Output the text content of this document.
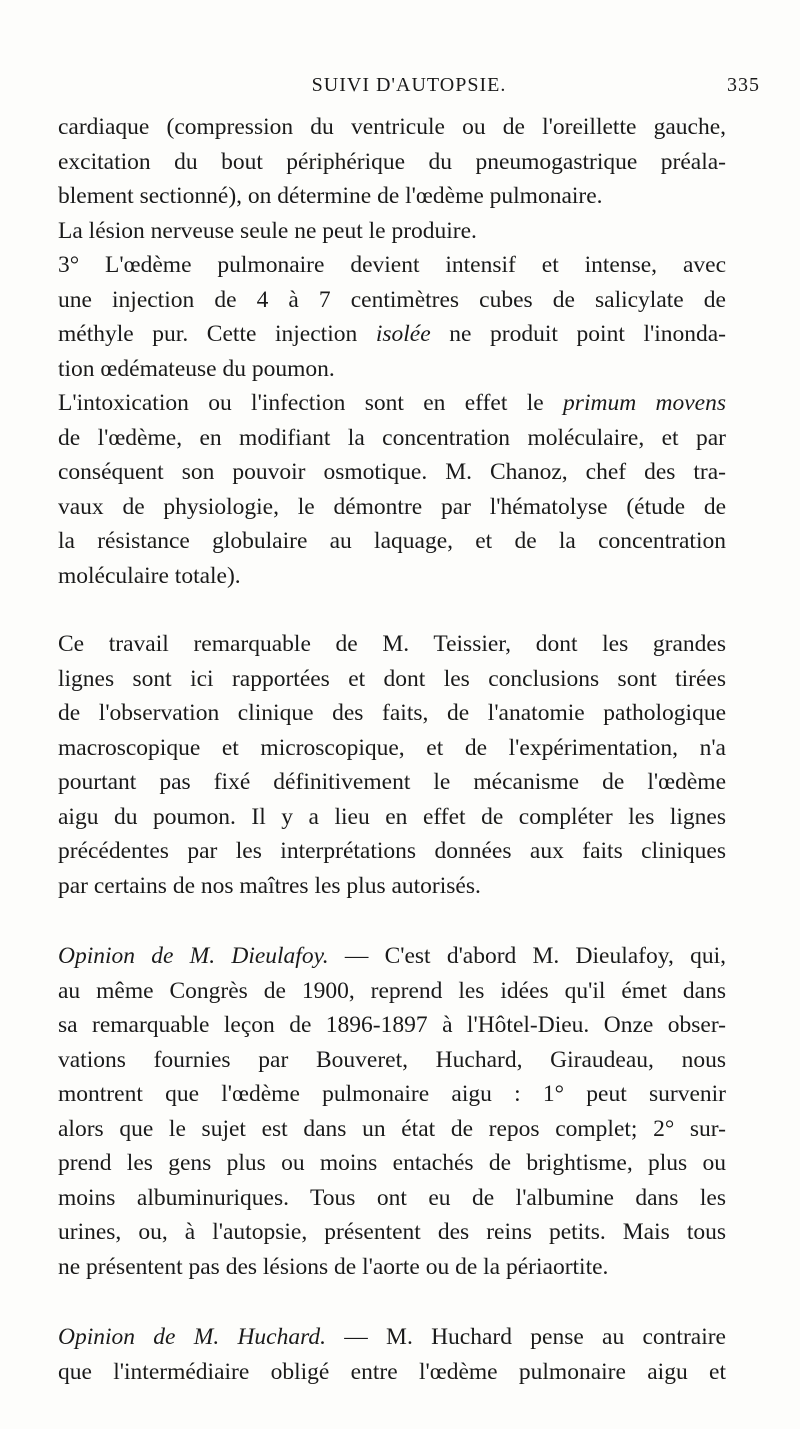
SUIVI D'AUTOPSIE.	335

cardiaque (compression du ventricule ou de l'oreillette gauche,
excitation du bout périphérique du pneumogastrique préala-
blement sectionné), on détermine de l'œdème pulmonaire.

La lésion nerveuse seule ne peut le produire.

3° L'œdème pulmonaire devient intensif et intense, avec
une injection de 4 à 7 centimètres cubes de salicylate de
méthyle pur. Cette injection isolée ne produit point l'inonda-
tion œdémateuse du poumon.

L'intoxication ou l'infection sont en effet le primum movens
de l'œdème, en modifiant la concentration moléculaire, et par
conséquent son pouvoir osmotique. M. Chanoz, chef des tra-
vaux de physiologie, le démontre par l'hématolyse (étude de
la résistance globulaire au laquage, et de la concentration
moléculaire totale).

Ce travail remarquable de M. Teissier, dont les grandes
lignes sont ici rapportées et dont les conclusions sont tirées
de l'observation clinique des faits, de l'anatomie pathologique
macroscopique et microscopique, et de l'expérimentation, n'a
pourtant pas fixé définitivement le mécanisme de l'œdème
aigu du poumon. Il y a lieu en effet de compléter les lignes
précédentes par les interprétations données aux faits cliniques
par certains de nos maîtres les plus autorisés.

Opinion de M. Dieulafoy. — C'est d'abord M. Dieulafoy, qui,
au même Congrès de 1900, reprend les idées qu'il émet dans
sa remarquable leçon de 1896-1897 à l'Hôtel-Dieu. Onze obser-
vations fournies par Bouveret, Huchard, Giraudeau, nous
montrent que l'œdème pulmonaire aigu : 1° peut survenir
alors que le sujet est dans un état de repos complet; 2° sur-
prend les gens plus ou moins entachés de brightisme, plus ou
moins albuminuriques. Tous ont eu de l'albumine dans les
urines, ou, à l'autopsie, présentent des reins petits. Mais tous
ne présentent pas des lésions de l'aorte ou de la périaortite.

Opinion de M. Huchard. — M. Huchard pense au contraire
que l'intermédiaire obligé entre l'œdème pulmonaire aigu et
